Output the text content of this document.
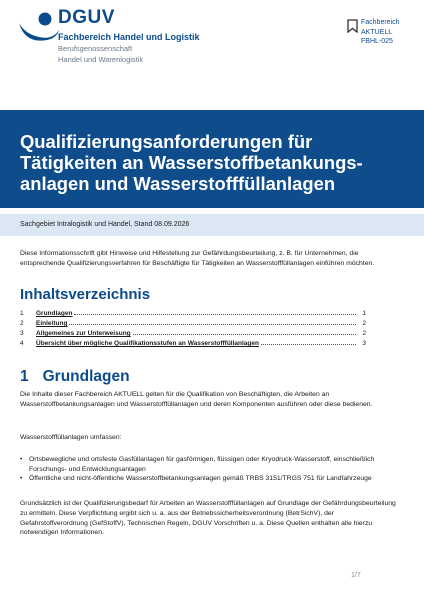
DGUV
Fachbereich Handel und Logistik
Berufsgenossenschaft
Handel und Warenlogistik
Fachbereich
AKTUELL
FBHL-025
Qualifizierungsanforderungen für Tätigkeiten an Wasserstoffbetankungsanlagen und Wasserstofffüllanlagen
Sachgebiet Intralogistik und Handel, Stand 08.09.2026
Diese Informationsschrift gibt Hinweise und Hilfestellung zur Gefährdungsbeurteilung, z. B. für Unternehmen, die entsprechende Qualifizierungsverfahren für Beschäftigte für Tätigkeiten an Wasserstofffüllanlagen einführen möchten.
Inhaltsverzeichnis
1	Grundlagen	1
2	Einleitung	2
3	Allgemeines zur Unterweisung	2
4	Übersicht über mögliche Qualifikationsstufen an Wasserstofffüllanlagen	3
1 Grundlagen
Die Inhalte dieser Fachbereich AKTUELL gelten für die Qualifikation von Beschäftigten, die Arbeiten an Wasserstoffbetankungsanlagen und Wasserstofffüllanlagen und deren Komponenten ausführen oder diese bedienen.
Wasserstofffüllanlagen umfassen:
• Ortsbewegliche und ortsfeste Gasfüllanlagen für gasförmigen, flüssigen oder Kryodruck-Wasserstoff, einschließlich Forschungs- und Entwicklungsanlagen
• Öffentliche und nicht-öffentliche Wasserstoffbetankungsanlagen gemäß TRBS 3151/TRGS 751 für Landfahrzeuge
Grundsätzlich ist der Qualifizierungsbedarf für Arbeiten an Wasserstofffüllanlagen auf Grundlage der Gefährdungsbeurteilung zu ermitteln. Diese Verpflichtung ergibt sich u. a. aus der Betriebssicherheitsverordnung (BetrSichV), der Gefahrstoffverordnung (GefStoffV), Technischen Regeln, DGUV Vorschriften u. a. Diese Quellen enthalten alle hierzu notwendigen Informationen.
1/7
